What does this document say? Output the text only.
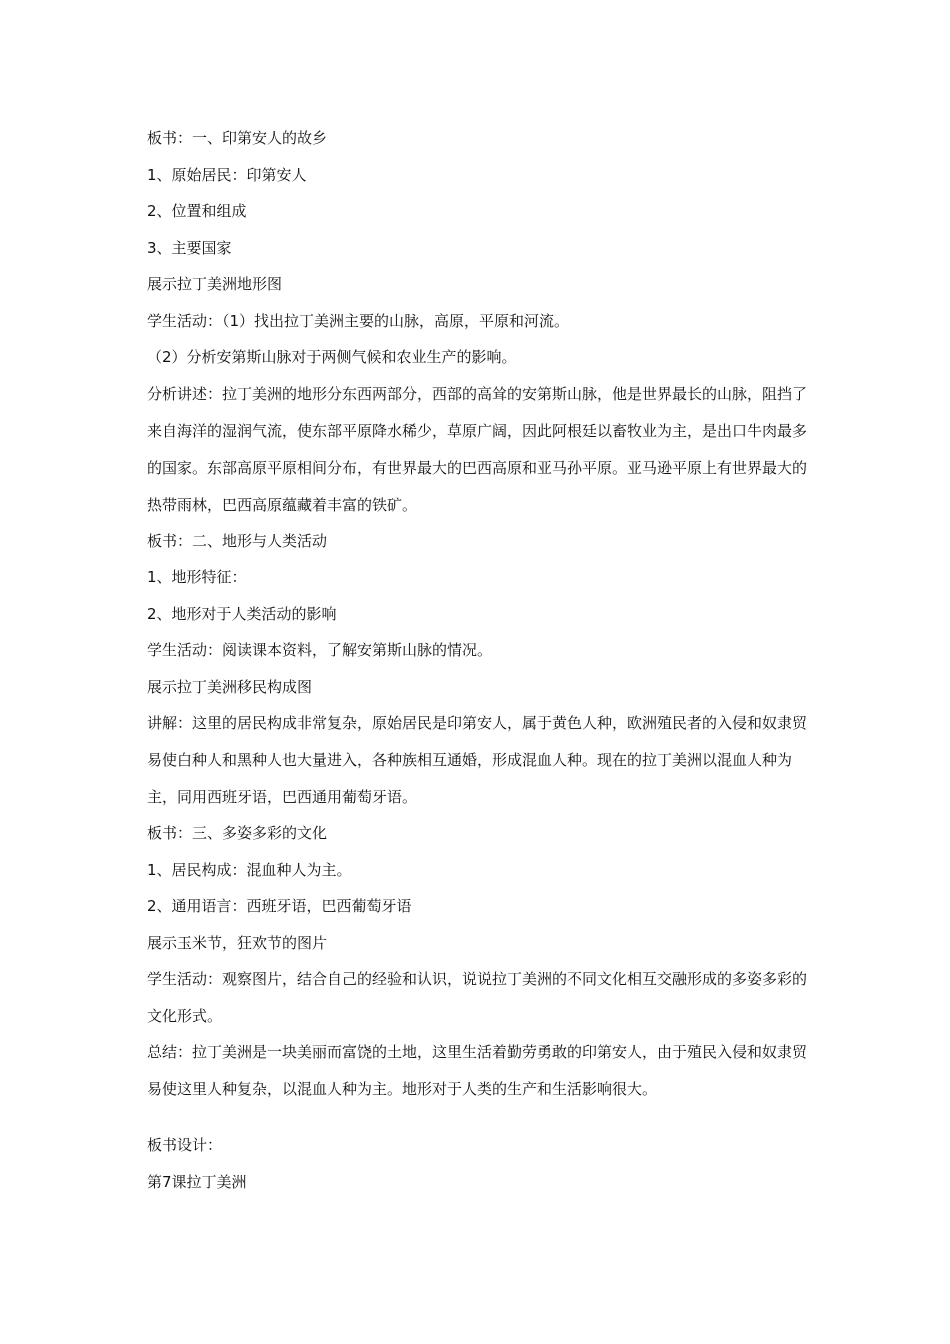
板书：一、印第安人的故乡
1、原始居民：印第安人
2、位置和组成
3、主要国家
展示拉丁美洲地形图
学生活动：（1）找出拉丁美洲主要的山脉，高原，平原和河流。
（2）分析安第斯山脉对于两侧气候和农业生产的影响。
分析讲述：拉丁美洲的地形分东西两部分，西部的高耸的安第斯山脉，他是世界最长的山脉，阻挡了来自海洋的湿润气流，使东部平原降水稀少，草原广阔，因此阿根廷以畜牧业为主，是出口牛肉最多的国家。东部高原平原相间分布，有世界最大的巴西高原和亚马孙平原。亚马逊平原上有世界最大的热带雨林，巴西高原蕴藏着丰富的铁矿。
板书：二、地形与人类活动
1、地形特征：
2、地形对于人类活动的影响
学生活动：阅读课本资料，了解安第斯山脉的情况。
展示拉丁美洲移民构成图
讲解：这里的居民构成非常复杂，原始居民是印第安人，属于黄色人种，欧洲殖民者的入侵和奴隶贸易使白种人和黑种人也大量进入，各种族相互通婚，形成混血人种。现在的拉丁美洲以混血人种为主，同用西班牙语，巴西通用葡萄牙语。
板书：三、多姿多彩的文化
1、居民构成：混血种人为主。
2、通用语言：西班牙语，巴西葡萄牙语
展示玉米节，狂欢节的图片
学生活动：观察图片，结合自己的经验和认识，说说拉丁美洲的不同文化相互交融形成的多姿多彩的文化形式。
总结：拉丁美洲是一块美丽而富饶的土地，这里生活着勤劳勇敢的印第安人，由于殖民入侵和奴隶贸易使这里人种复杂，以混血人种为主。地形对于人类的生产和生活影响很大。
板书设计：
第7课拉丁美洲
